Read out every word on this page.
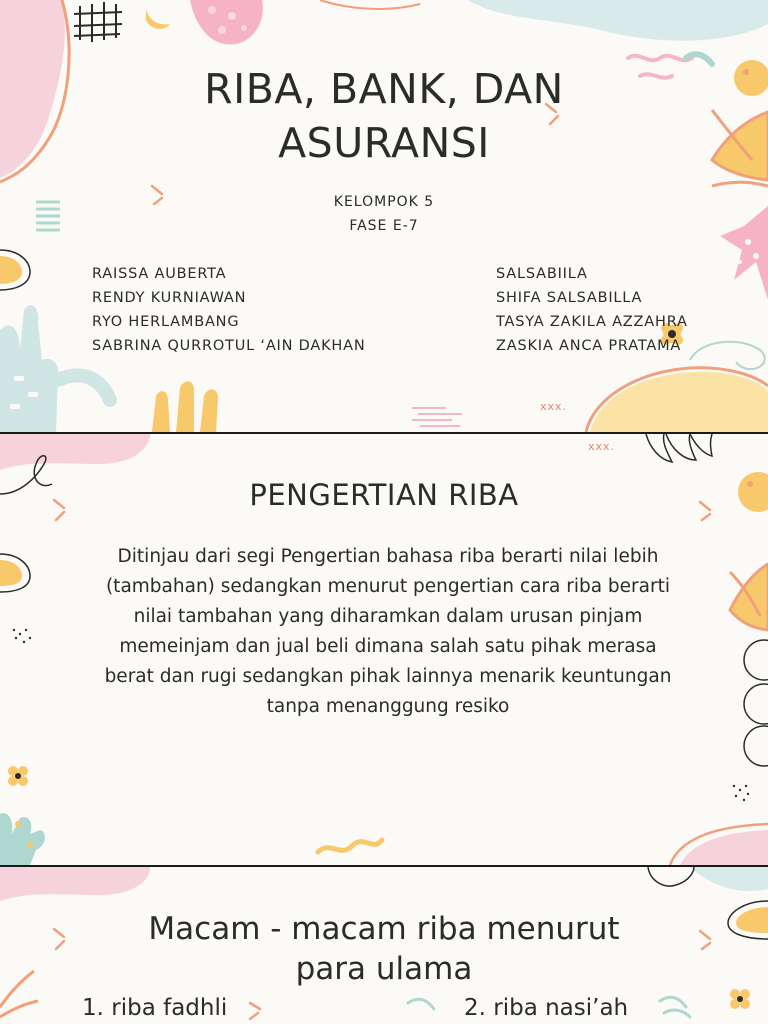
RIBA, BANK, DAN
ASURANSI
KELOMPOK 5
FASE E-7
RAISSA AUBERTA
RENDY KURNIAWAN
RYO HERLAMBANG
SABRINA QURROTUL ‘AIN DAKHAN
SALSABIILA
SHIFA SALSABILLA
TASYA ZAKILA AZZAHRA
ZASKIA ANCA PRATAMA
xxx.
PENGERTIAN RIBA
Ditinjau dari segi Pengertian bahasa riba berarti nilai lebih
(tambahan) sedangkan menurut pengertian cara riba berarti
nilai tambahan yang diharamkan dalam urusan pinjam
memeinjam dan jual beli dimana salah satu pihak merasa
berat dan rugi sedangkan pihak lainnya menarik keuntungan
tanpa menanggung resiko
xxx.
Macam - macam riba menurut
para ulama
1. riba fadhli	2. riba nasi’ah
